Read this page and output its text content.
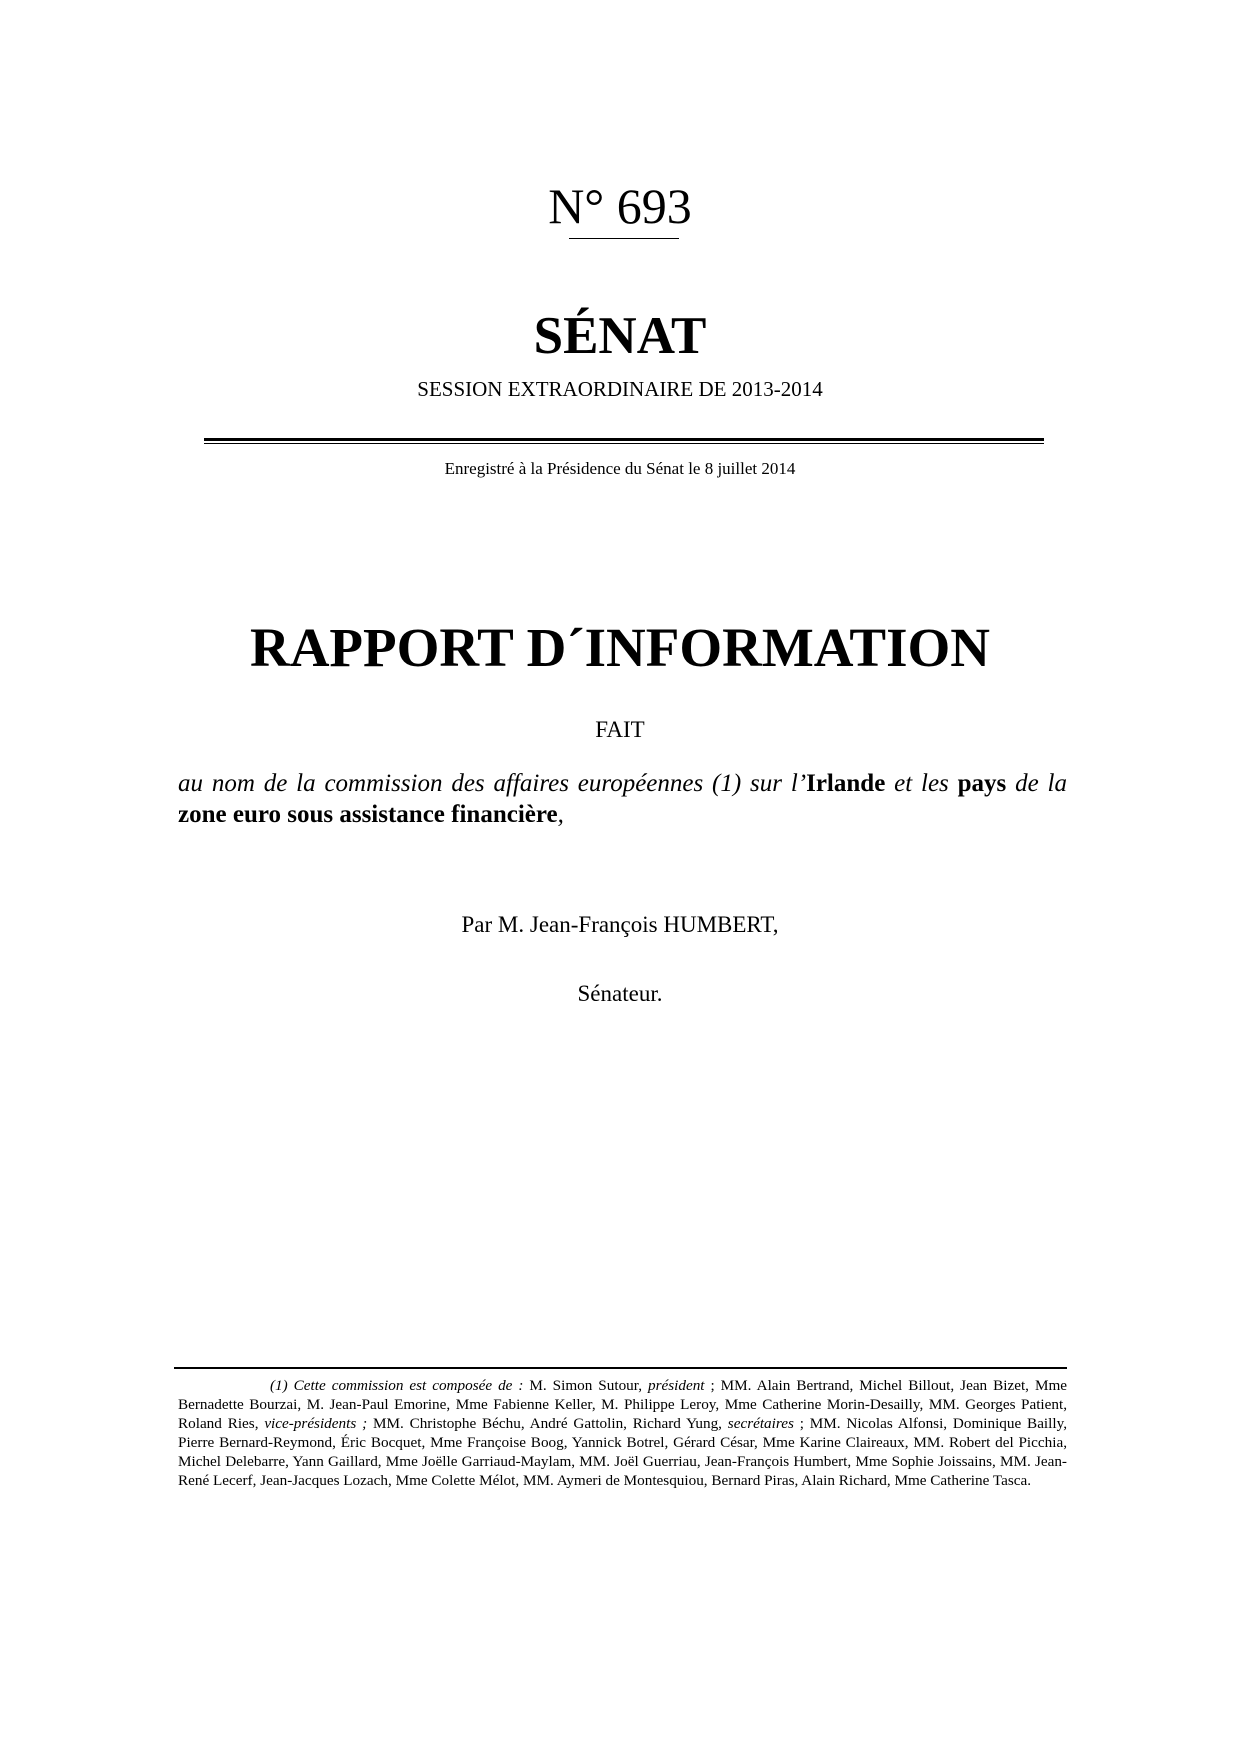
N° 693
SÉNAT
SESSION EXTRAORDINAIRE DE 2013-2014
Enregistré à la Présidence du Sénat le 8 juillet 2014
RAPPORT D´INFORMATION
FAIT
au nom de la commission des affaires européennes (1) sur l’Irlande et les pays de la zone euro sous assistance financière,
Par M. Jean-François HUMBERT,
Sénateur.
(1) Cette commission est composée de : M. Simon Sutour, président ; MM. Alain Bertrand, Michel Billout, Jean Bizet, Mme Bernadette Bourzai, M. Jean-Paul Emorine, Mme Fabienne Keller, M. Philippe Leroy, Mme Catherine Morin-Desailly, MM. Georges Patient, Roland Ries, vice-présidents ; MM. Christophe Béchu, André Gattolin, Richard Yung, secrétaires ; MM. Nicolas Alfonsi, Dominique Bailly, Pierre Bernard-Reymond, Éric Bocquet, Mme Françoise Boog, Yannick Botrel, Gérard César, Mme Karine Claireaux, MM. Robert del Picchia, Michel Delebarre, Yann Gaillard, Mme Joëlle Garriaud-Maylam, MM. Joël Guerriau, Jean-François Humbert, Mme Sophie Joissains, MM. Jean-René Lecerf, Jean-Jacques Lozach, Mme Colette Mélot, MM. Aymeri de Montesquiou, Bernard Piras, Alain Richard, Mme Catherine Tasca.
